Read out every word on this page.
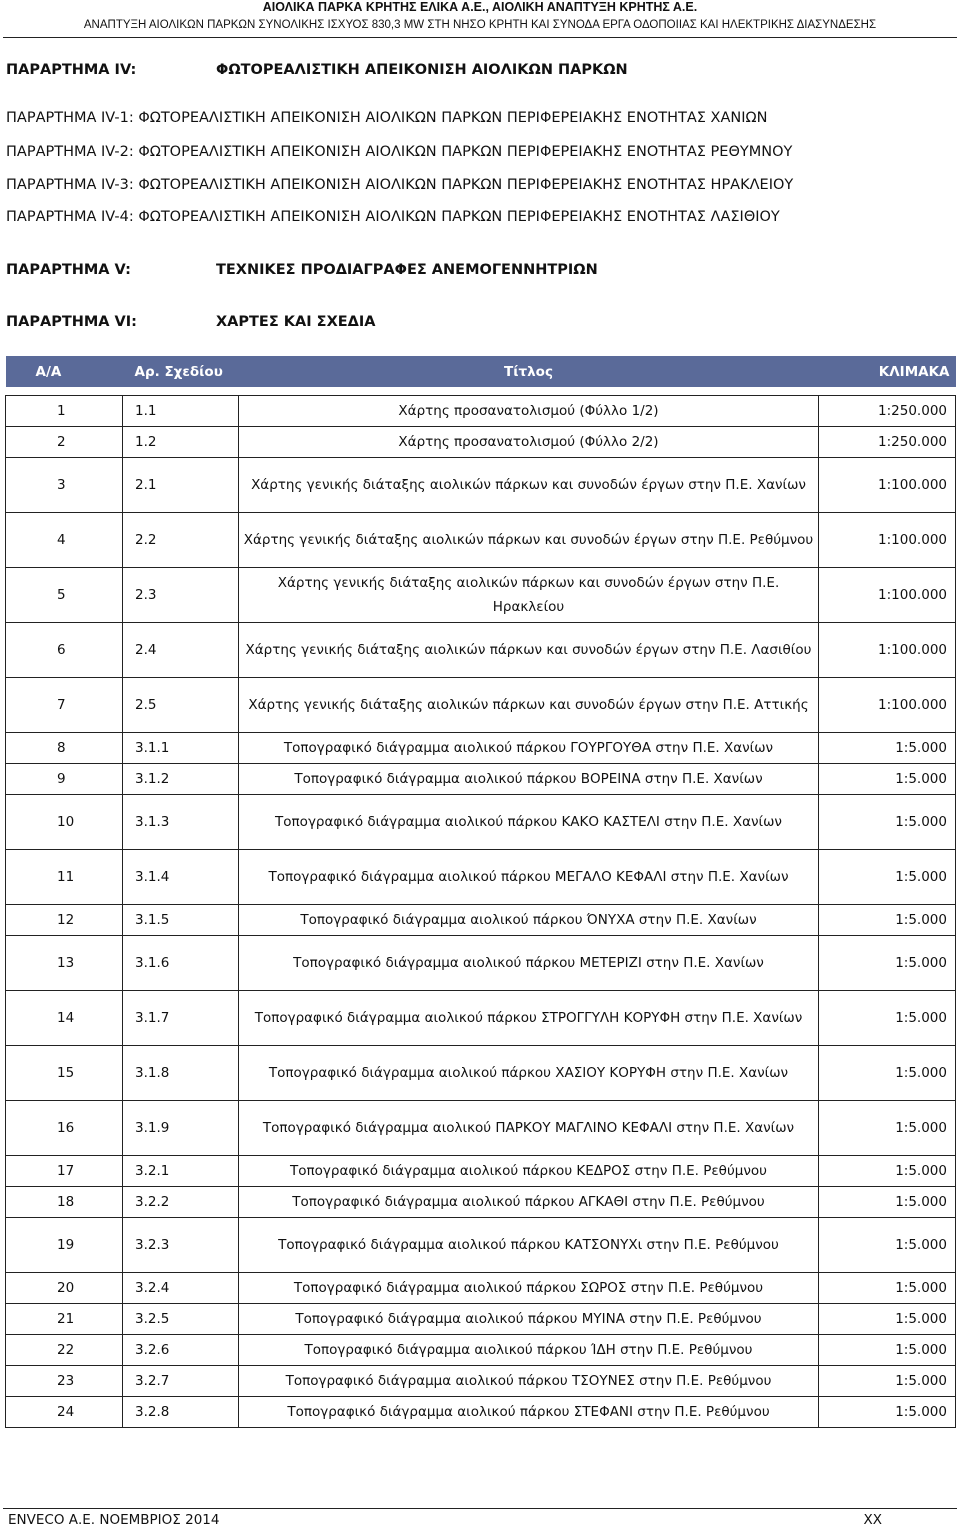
ΑΙΟΛΙΚΑ ΠΑΡΚΑ ΚΡΗΤΗΣ ΕΛΙΚΑ Α.Ε., ΑΙΟΛΙΚΗ ΑΝΑΠΤΥΞΗ ΚΡΗΤΗΣ Α.Ε.
ΑΝΑΠΤΥΞΗ ΑΙΟΛΙΚΩΝ ΠΑΡΚΩΝ ΣΥΝΟΛΙΚΗΣ ΙΣΧΥΟΣ 830,3 MW ΣΤΗ ΝΗΣΟ ΚΡΗΤΗ ΚΑΙ ΣΥΝΟΔΑ ΕΡΓΑ ΟΔΟΠΟΙΙΑΣ ΚΑΙ ΗΛΕΚΤΡΙΚΗΣ ΔΙΑΣΥΝΔΕΣΗΣ
ΠΑΡΑΡΤΗΜΑ IV:	ΦΩΤΟΡΕΑΛΙΣΤΙΚΗ ΑΠΕΙΚΟΝΙΣΗ ΑΙΟΛΙΚΩΝ ΠΑΡΚΩΝ
ΠΑΡΑΡΤΗΜΑ IV-1: ΦΩΤΟΡΕΑΛΙΣΤΙΚΗ ΑΠΕΙΚΟΝΙΣΗ ΑΙΟΛΙΚΩΝ ΠΑΡΚΩΝ ΠΕΡΙΦΕΡΕΙΑΚΗΣ ΕΝΟΤΗΤΑΣ ΧΑΝΙΩΝ
ΠΑΡΑΡΤΗΜΑ IV-2: ΦΩΤΟΡΕΑΛΙΣΤΙΚΗ ΑΠΕΙΚΟΝΙΣΗ ΑΙΟΛΙΚΩΝ ΠΑΡΚΩΝ ΠΕΡΙΦΕΡΕΙΑΚΗΣ ΕΝΟΤΗΤΑΣ ΡΕΘΥΜΝΟΥ
ΠΑΡΑΡΤΗΜΑ IV-3: ΦΩΤΟΡΕΑΛΙΣΤΙΚΗ ΑΠΕΙΚΟΝΙΣΗ ΑΙΟΛΙΚΩΝ ΠΑΡΚΩΝ ΠΕΡΙΦΕΡΕΙΑΚΗΣ ΕΝΟΤΗΤΑΣ ΗΡΑΚΛΕΙΟΥ
ΠΑΡΑΡΤΗΜΑ IV-4: ΦΩΤΟΡΕΑΛΙΣΤΙΚΗ ΑΠΕΙΚΟΝΙΣΗ ΑΙΟΛΙΚΩΝ ΠΑΡΚΩΝ ΠΕΡΙΦΕΡΕΙΑΚΗΣ ΕΝΟΤΗΤΑΣ ΛΑΣΙΘΙΟΥ
ΠΑΡΑΡΤΗΜΑ V:	ΤΕΧΝΙΚΕΣ ΠΡΟΔΙΑΓΡΑΦΕΣ ΑΝΕΜΟΓΕΝΝΗΤΡΙΩΝ
ΠΑΡΑΡΤΗΜΑ VI:	ΧΑΡΤΕΣ ΚΑΙ ΣΧΕΔΙΑ
Α/Α	Αρ. Σχεδίου	Τίτλος	ΚΛΙΜΑΚΑ

1	1.1	Χάρτης προσανατολισμού (Φύλλο 1/2)	1:250.000
2	1.2	Χάρτης προσανατολισμού (Φύλλο 2/2)	1:250.000
3	2.1	Χάρτης γενικής διάταξης αιολικών πάρκων και συνοδών έργων στην Π.Ε. Χανίων	1:100.000
4	2.2	Χάρτης γενικής διάταξης αιολικών πάρκων και συνοδών έργων στην Π.Ε. Ρεθύμνου	1:100.000
5	2.3	Χάρτης γενικής διάταξης αιολικών πάρκων και συνοδών έργων στην Π.Ε. Ηρακλείου	1:100.000
6	2.4	Χάρτης γενικής διάταξης αιολικών πάρκων και συνοδών έργων στην Π.Ε. Λασιθίου	1:100.000
7	2.5	Χάρτης γενικής διάταξης αιολικών πάρκων και συνοδών έργων στην Π.Ε. Αττικής	1:100.000
8	3.1.1	Τοπογραφικό διάγραμμα αιολικού πάρκου ΓΟΥΡΓΟΥΘΑ στην Π.Ε. Χανίων	1:5.000
9	3.1.2	Τοπογραφικό διάγραμμα αιολικού πάρκου ΒΟΡΕΙΝΑ στην Π.Ε. Χανίων	1:5.000
10	3.1.3	Τοπογραφικό διάγραμμα αιολικού πάρκου ΚΑΚΟ ΚΑΣΤΕΛΙ στην Π.Ε. Χανίων	1:5.000
11	3.1.4	Τοπογραφικό διάγραμμα αιολικού πάρκου ΜΕΓΑΛΟ ΚΕΦΑΛΙ στην Π.Ε. Χανίων	1:5.000
12	3.1.5	Τοπογραφικό διάγραμμα αιολικού πάρκου ΌΝΥΧΑ στην Π.Ε. Χανίων	1:5.000
13	3.1.6	Τοπογραφικό διάγραμμα αιολικού πάρκου ΜΕΤΕΡΙΖΙ στην Π.Ε. Χανίων	1:5.000
14	3.1.7	Τοπογραφικό διάγραμμα αιολικού πάρκου ΣΤΡΟΓΓΥΛΗ ΚΟΡΥΦΗ στην Π.Ε. Χανίων	1:5.000
15	3.1.8	Τοπογραφικό διάγραμμα αιολικού πάρκου ΧΑΣΙΟΥ ΚΟΡΥΦΗ στην Π.Ε. Χανίων	1:5.000
16	3.1.9	Τοπογραφικό διάγραμμα αιολικού ΠΑΡΚΟΥ ΜΑΓΛΙΝΟ ΚΕΦΑΛΙ στην Π.Ε. Χανίων	1:5.000
17	3.2.1	Τοπογραφικό διάγραμμα αιολικού πάρκου ΚΕΔΡΟΣ στην Π.Ε. Ρεθύμνου	1:5.000
18	3.2.2	Τοπογραφικό διάγραμμα αιολικού πάρκου ΑΓΚΑΘΙ στην Π.Ε. Ρεθύμνου	1:5.000
19	3.2.3	Τοπογραφικό διάγραμμα αιολικού πάρκου ΚΑΤΣΟΝΥΧι στην Π.Ε. Ρεθύμνου	1:5.000
20	3.2.4	Τοπογραφικό διάγραμμα αιολικού πάρκου ΣΩΡΟΣ στην Π.Ε. Ρεθύμνου	1:5.000
21	3.2.5	Τοπογραφικό διάγραμμα αιολικού πάρκου ΜΥΙΝΑ στην Π.Ε. Ρεθύμνου	1:5.000
22	3.2.6	Τοπογραφικό διάγραμμα αιολικού πάρκου ΊΔΗ στην Π.Ε. Ρεθύμνου	1:5.000
23	3.2.7	Τοπογραφικό διάγραμμα αιολικού πάρκου ΤΣΟΥΝΕΣ στην Π.Ε. Ρεθύμνου	1:5.000
24	3.2.8	Τοπογραφικό διάγραμμα αιολικού πάρκου ΣΤΕΦΑΝΙ στην Π.Ε. Ρεθύμνου	1:5.000
ENVECO Α.Ε. ΝΟΕΜΒΡΙΟΣ 2014	XX
